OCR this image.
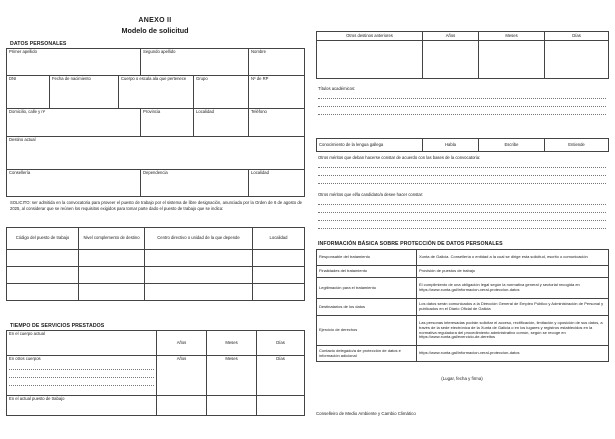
ANEXO II
Modelo de solicitud
DATOS PERSONALES
Primer apellido			Segundo apellido		Nombre
DNI	Fecha de nacimiento	Cuerpo o escala ala que pertenece		Grupo	Nº de RP
Domicilio, calle y nº			Provincia	Localidad	Teléfono
Destino actual					
Consellería			Dependencia		Localidad
SOLICITO: ser admitida en la convocatoria para proveer el puesto de trabajo por el sistema de libre designación, anunciada por la Orden de 6 de agosto de 2025, al considerar que se reúnen los requisitos exigidos para tomar parte dado el puesto de trabajo que se indica:
Código del puesto de trabajo	Nivel complemento de destino	Centro directivo o unidad de la que depende	Localidad

TIEMPO DE SERVICIOS PRESTADOS
En el cuerpo actual	Años	Meses	Días
En otros cuerpos	Años	Meses	Días
En el actual puesto de trabajo			
Otros destinos anteriores	Años	Meses	Días

Títulos académicos:
Conocimiento de la lengua gallega	Habla	Escribe	Entiende
Otros méritos que deban hacerse constar de acuerdo con las bases de la convocatoria:
Otros méritos que el/la candidato/a desee hacer constar:
INFORMACIÓN BÁSICA SOBRE PROTECCIÓN DE DATOS PERSONALES
Responsable del tratamiento	Xunta de Galicia. Consellería o entidad a la cual se dirige esta solicitud, escrito o comunicación
Finalidades del tratamiento	Provisión de puestos de trabajo
Legitimación para el tratamiento	El cumplimiento de una obligación legal según la normativa general y sectorial recogida en https://www.xunta.gal/informacion-xeral-proteccion-datos
Destinatarios de los datos	Los datos serán comunicados a la Dirección General de Empleo Público y Administración de Personal y publicados en el Diario Oficial de Galicia
Ejercicio de derechos	Las personas interesadas podrán solicitar el acceso, rectificación, limitación y oposición de sus datos, a través de la sede electrónica de la Xunta de Galicia o en los lugares y registros establecidos en la normativa reguladora del procedimiento administrativo común, según se recoge en https://www.xunta.gal/exercicio-de-dereitos
Contacto delegado/a de protección de datos e información adicional	https://www.xunta.gal/informacion-xeral-proteccion-datos
(Lugar, fecha y firma)
Conselleiro de Medio Ambiente y Cambio Climático
